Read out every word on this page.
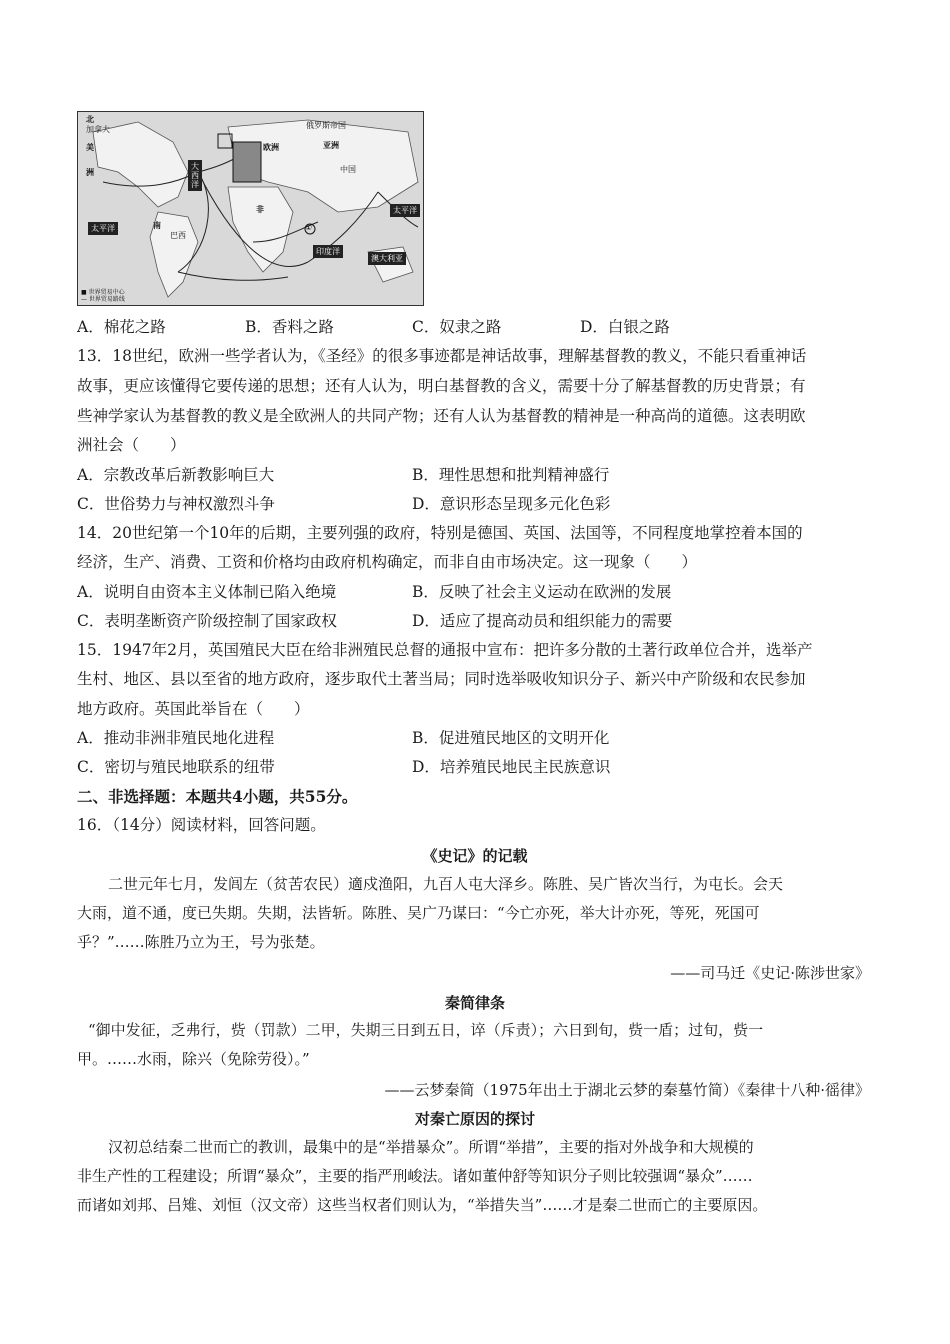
北
加拿大
美
洲
大西洋
俄罗斯帝国
欧洲	亚洲
中国
非
南
巴西
印度洋
太平洋
太平洋
澳大利亚
①
■ 世界贸易中心
— 世界贸易路线
A．棉花之路	B．香料之路	C．奴隶之路	D．白银之路
13．18世纪，欧洲一些学者认为，《圣经》的很多事迹都是神话故事，理解基督教的教义，不能只看重神话
故事，更应该懂得它要传递的思想；还有人认为，明白基督教的含义，需要十分了解基督教的历史背景；有
些神学家认为基督教的教义是全欧洲人的共同产物；还有人认为基督教的精神是一种高尚的道德。这表明欧
洲社会（　　）
A．宗教改革后新教影响巨大	B．理性思想和批判精神盛行
C．世俗势力与神权激烈斗争	D．意识形态呈现多元化色彩
14．20世纪第一个10年的后期，主要列强的政府，特别是德国、英国、法国等，不同程度地掌控着本国的
经济，生产、消费、工资和价格均由政府机构确定，而非自由市场决定。这一现象（　　）
A．说明自由资本主义体制已陷入绝境	B．反映了社会主义运动在欧洲的发展
C．表明垄断资产阶级控制了国家政权	D．适应了提高动员和组织能力的需要
15．1947年2月，英国殖民大臣在给非洲殖民总督的通报中宣布：把许多分散的土著行政单位合并，选举产
生村、地区、县以至省的地方政府，逐步取代土著当局；同时选举吸收知识分子、新兴中产阶级和农民参加
地方政府。英国此举旨在（　　）
A．推动非洲非殖民地化进程	B．促进殖民地区的文明开化
C．密切与殖民地联系的纽带	D．培养殖民地民主民族意识
二、非选择题：本题共4小题，共55分。
16．（14分）阅读材料，回答问题。
《史记》的记载
二世元年七月，发闾左（贫苦农民）適戍渔阳，九百人屯大泽乡。陈胜、吴广皆次当行，为屯长。会天
大雨，道不通，度已失期。失期，法皆斩。陈胜、吴广乃谋曰：“今亡亦死，举大计亦死，等死，死国可
乎？”……陈胜乃立为王，号为张楚。
——司马迁《史记·陈涉世家》
秦简律条
“御中发征，乏弗行，赀（罚款）二甲，失期三日到五日，谇（斥责）；六日到旬，赀一盾；过旬，赀一
甲。……水雨，除兴（免除劳役）。”
——云梦秦简（1975年出土于湖北云梦的秦墓竹简）《秦律十八种·徭律》
对秦亡原因的探讨
汉初总结秦二世而亡的教训，最集中的是“举措暴众”。所谓“举措”，主要的指对外战争和大规模的
非生产性的工程建设；所谓“暴众”，主要的指严刑峻法。诸如董仲舒等知识分子则比较强调“暴众”……
而诸如刘邦、吕雉、刘恒（汉文帝）这些当权者们则认为，“举措失当”……才是秦二世而亡的主要原因。
